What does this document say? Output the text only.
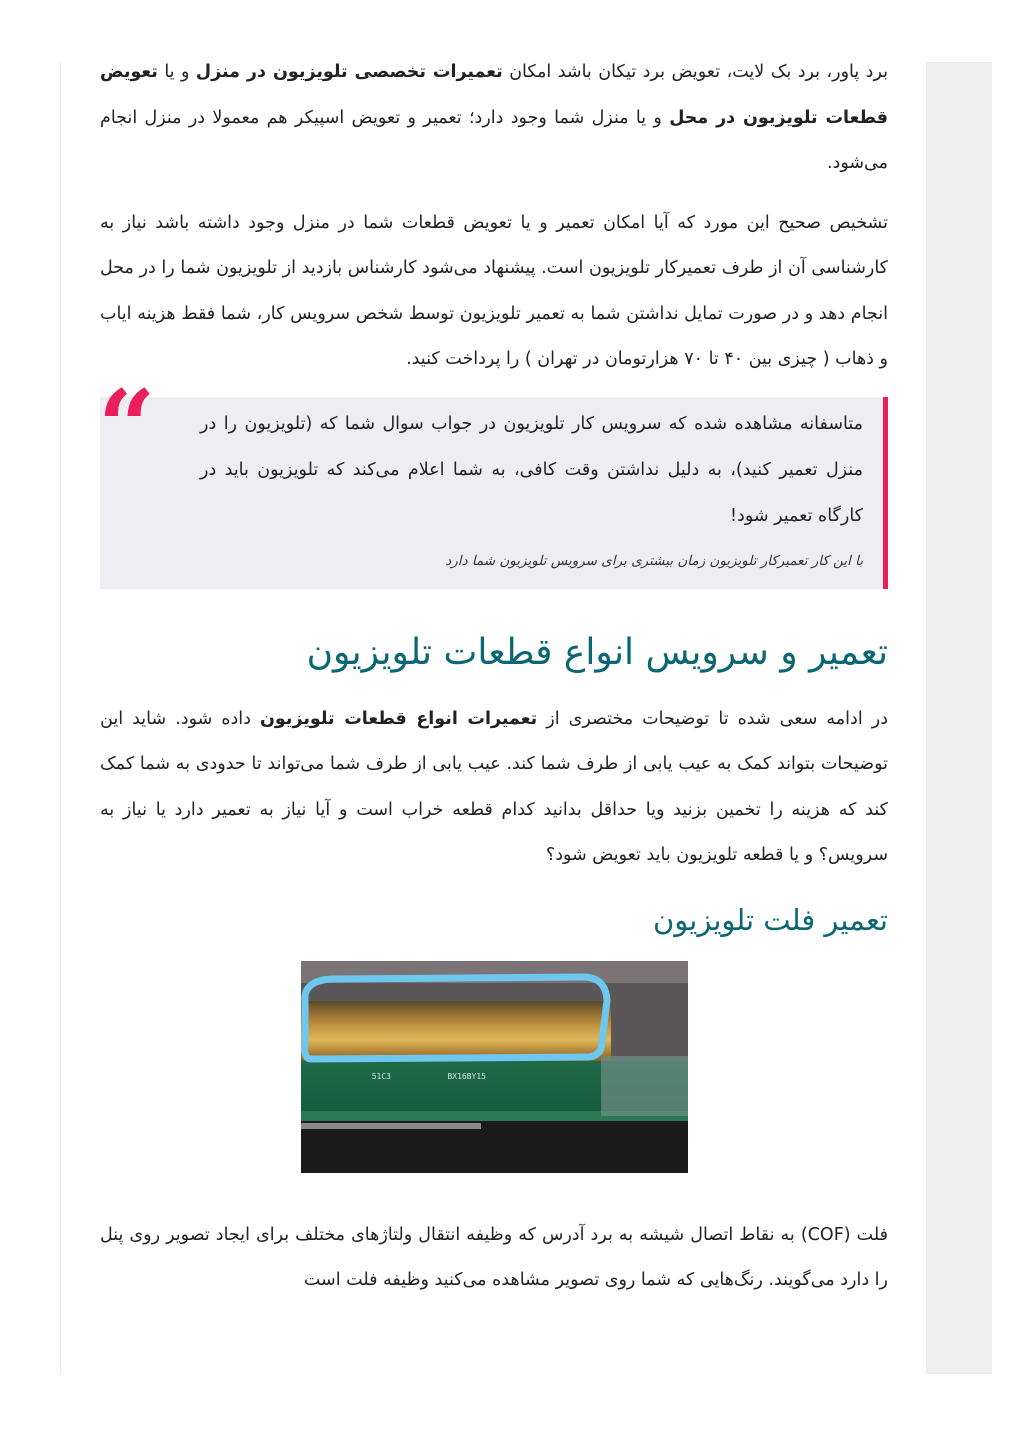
برد پاور، برد بک لایت، تعویض برد تیکان باشد امکان تعمیرات تخصصی تلویزیون در منزل و یا تعویض قطعات تلویزیون در محل و یا منزل شما وجود دارد؛ تعمیر و تعویض اسپیکر هم معمولا در منزل انجام می‌شود.

تشخیص صحیح این مورد که آیا امکان تعمیر و یا تعویض قطعات شما در منزل وجود داشته باشد نیاز به کارشناسی آن از طرف تعمیرکار تلویزیون است. پیشنهاد می‌شود کارشناس بازدید از تلویزیون شما را در محل انجام دهد و در صورت تمایل نداشتن شما به تعمیر تلویزیون توسط شخص سرویس کار، شما فقط هزینه ایاب و ذهاب ( چیزی بین ۴۰ تا ۷۰ هزارتومان در تهران ) را پرداخت کنید.

“	متاسفانه مشاهده شده که سرویس کار تلویزیون در جواب سوال شما که (تلویزیون را در منزل تعمیر کنید)، به دلیل نداشتن وقت کافی، به شما اعلام می‌کند که تلویزیون باید در کارگاه تعمیر شود!

با این کار تعمیرکار تلویزیون زمان بیشتری برای سرویس تلویزیون شما دارد
تعمیر و سرویس انواع قطعات تلویزیون

در ادامه سعی شده تا توضیحات مختصری از تعمیرات انواع قطعات تلویزیون داده شود. شاید این توضیحات بتواند کمک به عیب یابی از طرف شما کند. عیب یابی از طرف شما می‌تواند تا حدودی به شما کمک کند که هزینه را تخمین بزنید ویا حداقل بدانید کدام قطعه خراب است و آیا نیاز به تعمیر دارد یا نیاز به سرویس؟ و یا قطعه تلویزیون باید تعویض شود؟

تعمیر فلت تلویزیون
51C3	BX16BY15

فلت (COF) به نقاط اتصال شیشه به برد آدرس که وظیفه انتقال ولتاژهای مختلف برای ایجاد تصویر روی پنل را دارد می‌گویند. رنگ‌هایی که شما روی تصویر مشاهده می‌کنید وظیفه فلت است
